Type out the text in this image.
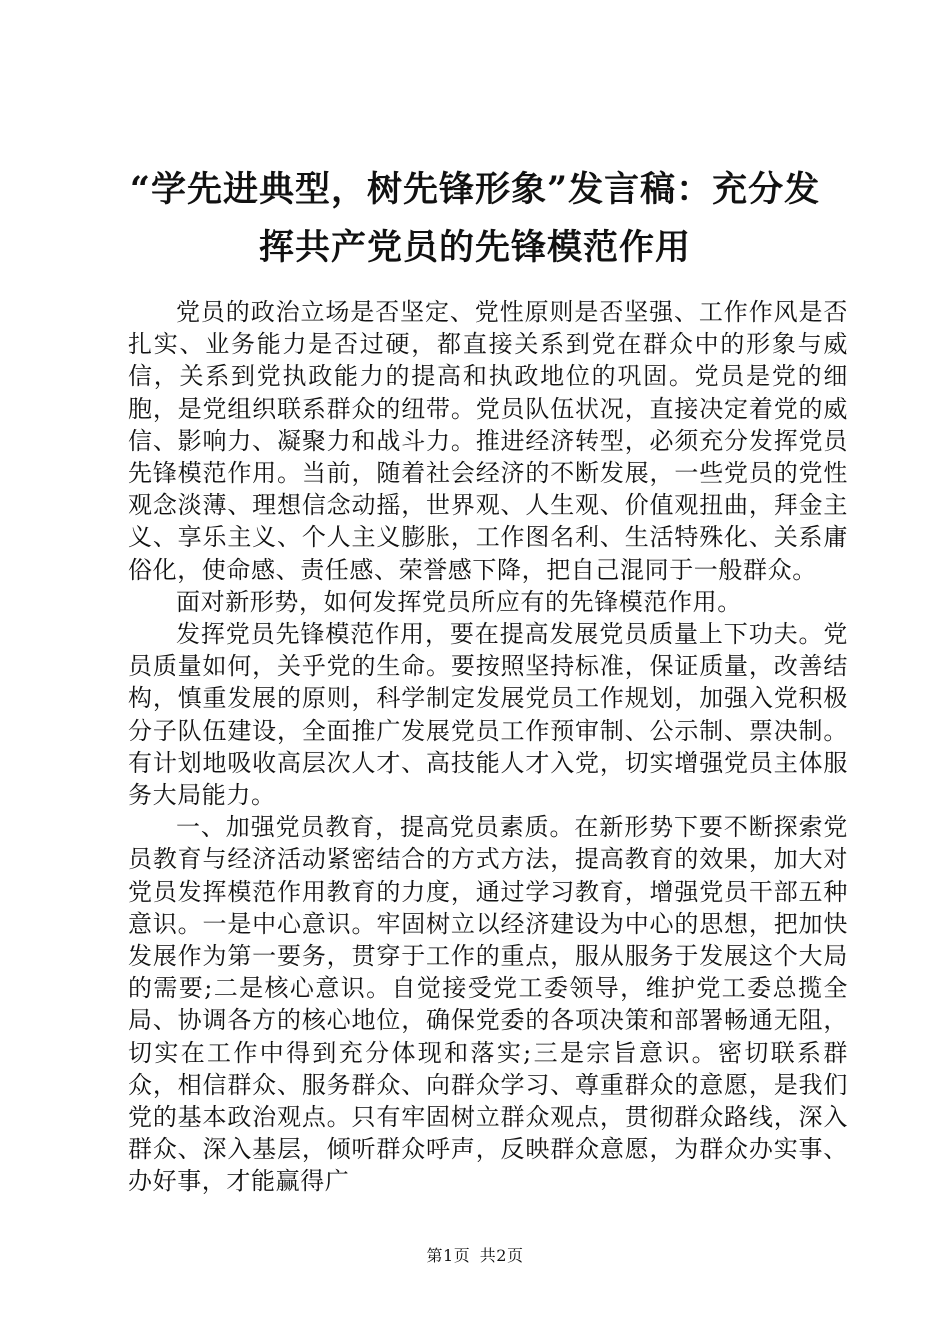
“学先进典型，树先锋形象”发言稿：充分发
挥共产党员的先锋模范作用

党员的政治立场是否坚定、党性原则是否坚强、工作作风是否扎实、业务能力是否过硬，都直接关系到党在群众中的形象与威信，关系到党执政能力的提高和执政地位的巩固。党员是党的细胞，是党组织联系群众的纽带。党员队伍状况，直接决定着党的威信、影响力、凝聚力和战斗力。推进经济转型，必须充分发挥党员先锋模范作用。当前，随着社会经济的不断发展，一些党员的党性观念淡薄、理想信念动摇，世界观、人生观、价值观扭曲，拜金主义、享乐主义、个人主义膨胀，工作图名利、生活特殊化、关系庸俗化，使命感、责任感、荣誉感下降，把自己混同于一般群众。

面对新形势，如何发挥党员所应有的先锋模范作用。

发挥党员先锋模范作用，要在提高发展党员质量上下功夫。党员质量如何，关乎党的生命。要按照坚持标准，保证质量，改善结构，慎重发展的原则，科学制定发展党员工作规划，加强入党积极分子队伍建设，全面推广发展党员工作预审制、公示制、票决制。有计划地吸收高层次人才、高技能人才入党，切实增强党员主体服务大局能力。

一、加强党员教育，提高党员素质。在新形势下要不断探索党员教育与经济活动紧密结合的方式方法，提高教育的效果，加大对党员发挥模范作用教育的力度，通过学习教育，增强党员干部五种意识。一是中心意识。牢固树立以经济建设为中心的思想，把加快发展作为第一要务，贯穿于工作的重点，服从服务于发展这个大局的需要;二是核心意识。自觉接受党工委领导，维护党工委总揽全局、协调各方的核心地位，确保党委的各项决策和部署畅通无阻，切实在工作中得到充分体现和落实;三是宗旨意识。密切联系群众，相信群众、服务群众、向群众学习、尊重群众的意愿，是我们党的基本政治观点。只有牢固树立群众观点，贯彻群众路线，深入群众、深入基层，倾听群众呼声，反映群众意愿，为群众办实事、办好事，才能赢得广

第1页 共2页
